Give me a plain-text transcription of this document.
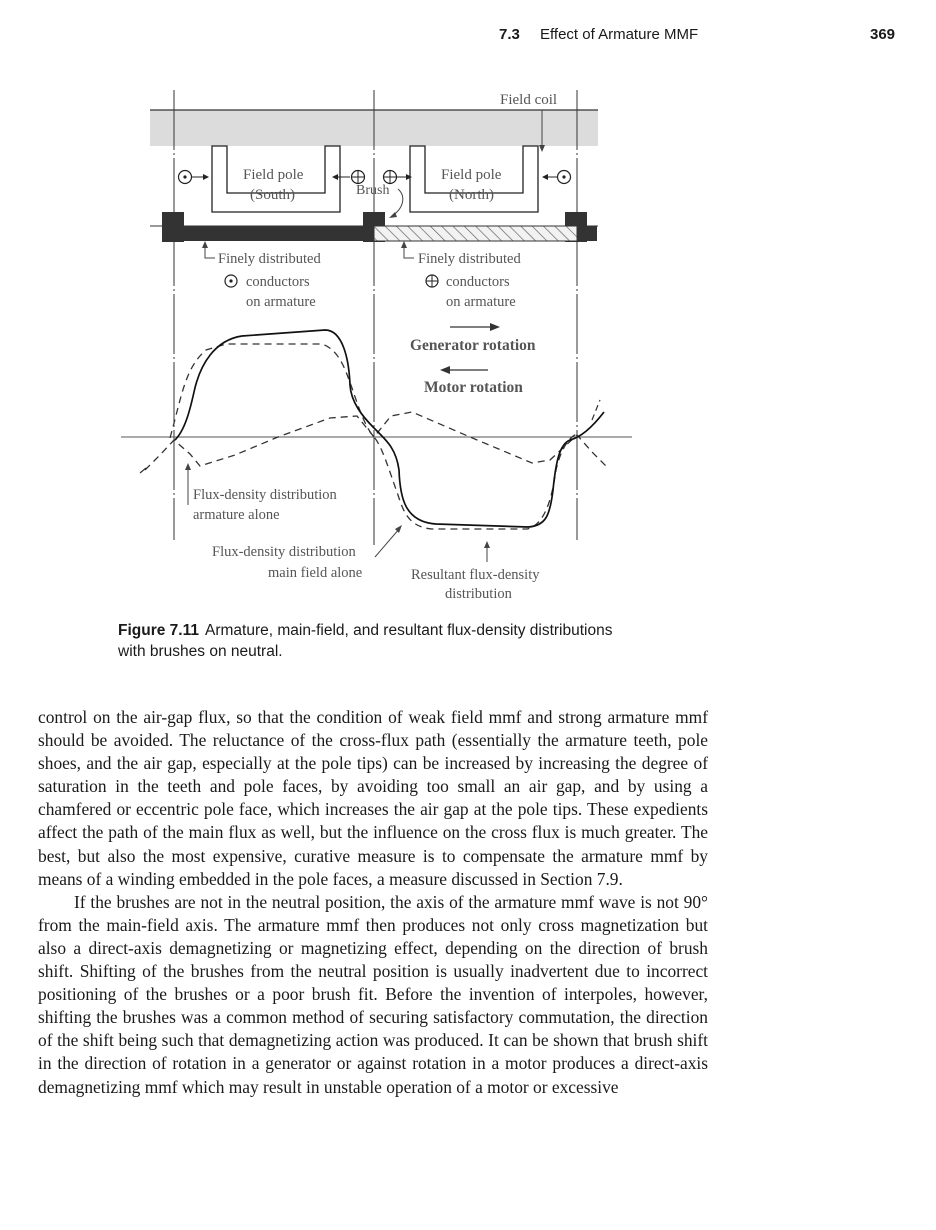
7.3 Effect of Armature MMF	369
Field coil
Field pole
(South)
Field pole
(North)
Brush
Finely distributed
conductors
on armature
Finely distributed
conductors
on armature
Generator rotation
Motor rotation
Flux-density distribution
armature alone
Flux-density distribution
main field alone	Resultant flux-density
distribution
Figure 7.11 Armature, main-field, and resultant flux-density distributions with brushes on neutral.

control on the air-gap flux, so that the condition of weak field mmf and strong armature mmf should be avoided. The reluctance of the cross-flux path (essentially the armature teeth, pole shoes, and the air gap, especially at the pole tips) can be increased by increasing the degree of saturation in the teeth and pole faces, by avoiding too small an air gap, and by using a chamfered or eccentric pole face, which increases the air gap at the pole tips. These expedients affect the path of the main flux as well, but the influence on the cross flux is much greater. The best, but also the most expensive, curative measure is to compensate the armature mmf by means of a winding embedded in the pole faces, a measure discussed in Section 7.9.

If the brushes are not in the neutral position, the axis of the armature mmf wave is not 90° from the main-field axis. The armature mmf then produces not only cross magnetization but also a direct-axis demagnetizing or magnetizing effect, depending on the direction of brush shift. Shifting of the brushes from the neutral position is usually inadvertent due to incorrect positioning of the brushes or a poor brush fit. Before the invention of interpoles, however, shifting the brushes was a common method of securing satisfactory commutation, the direction of the shift being such that demagnetizing action was produced. It can be shown that brush shift in the direction of rotation in a generator or against rotation in a motor produces a direct-axis demagnetizing mmf which may result in unstable operation of a motor or excessive
